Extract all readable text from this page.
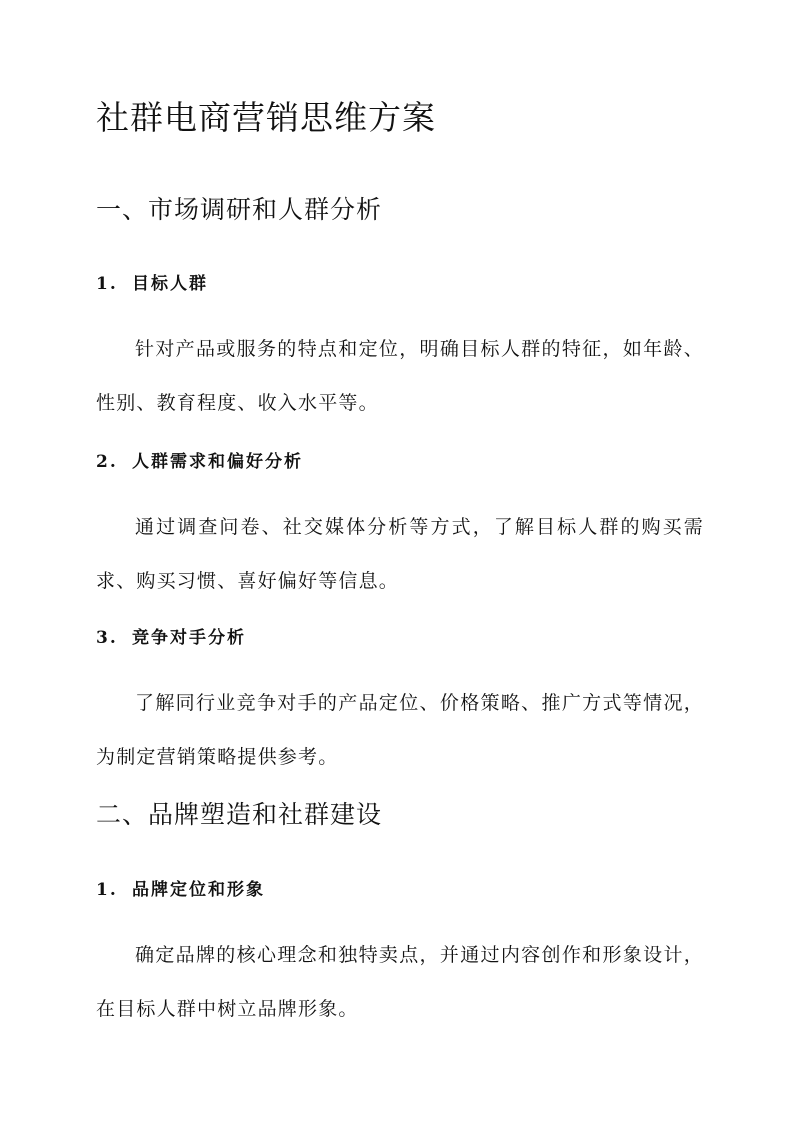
社群电商营销思维方案
一、市场调研和人群分析
1. 目标人群

针对产品或服务的特点和定位，明确目标人群的特征，如年龄、性别、教育程度、收入水平等。

2. 人群需求和偏好分析

通过调查问卷、社交媒体分析等方式，了解目标人群的购买需求、购买习惯、喜好偏好等信息。

3. 竞争对手分析

了解同行业竞争对手的产品定位、价格策略、推广方式等情况，为制定营销策略提供参考。

二、品牌塑造和社群建设
1. 品牌定位和形象

确定品牌的核心理念和独特卖点，并通过内容创作和形象设计，在目标人群中树立品牌形象。
